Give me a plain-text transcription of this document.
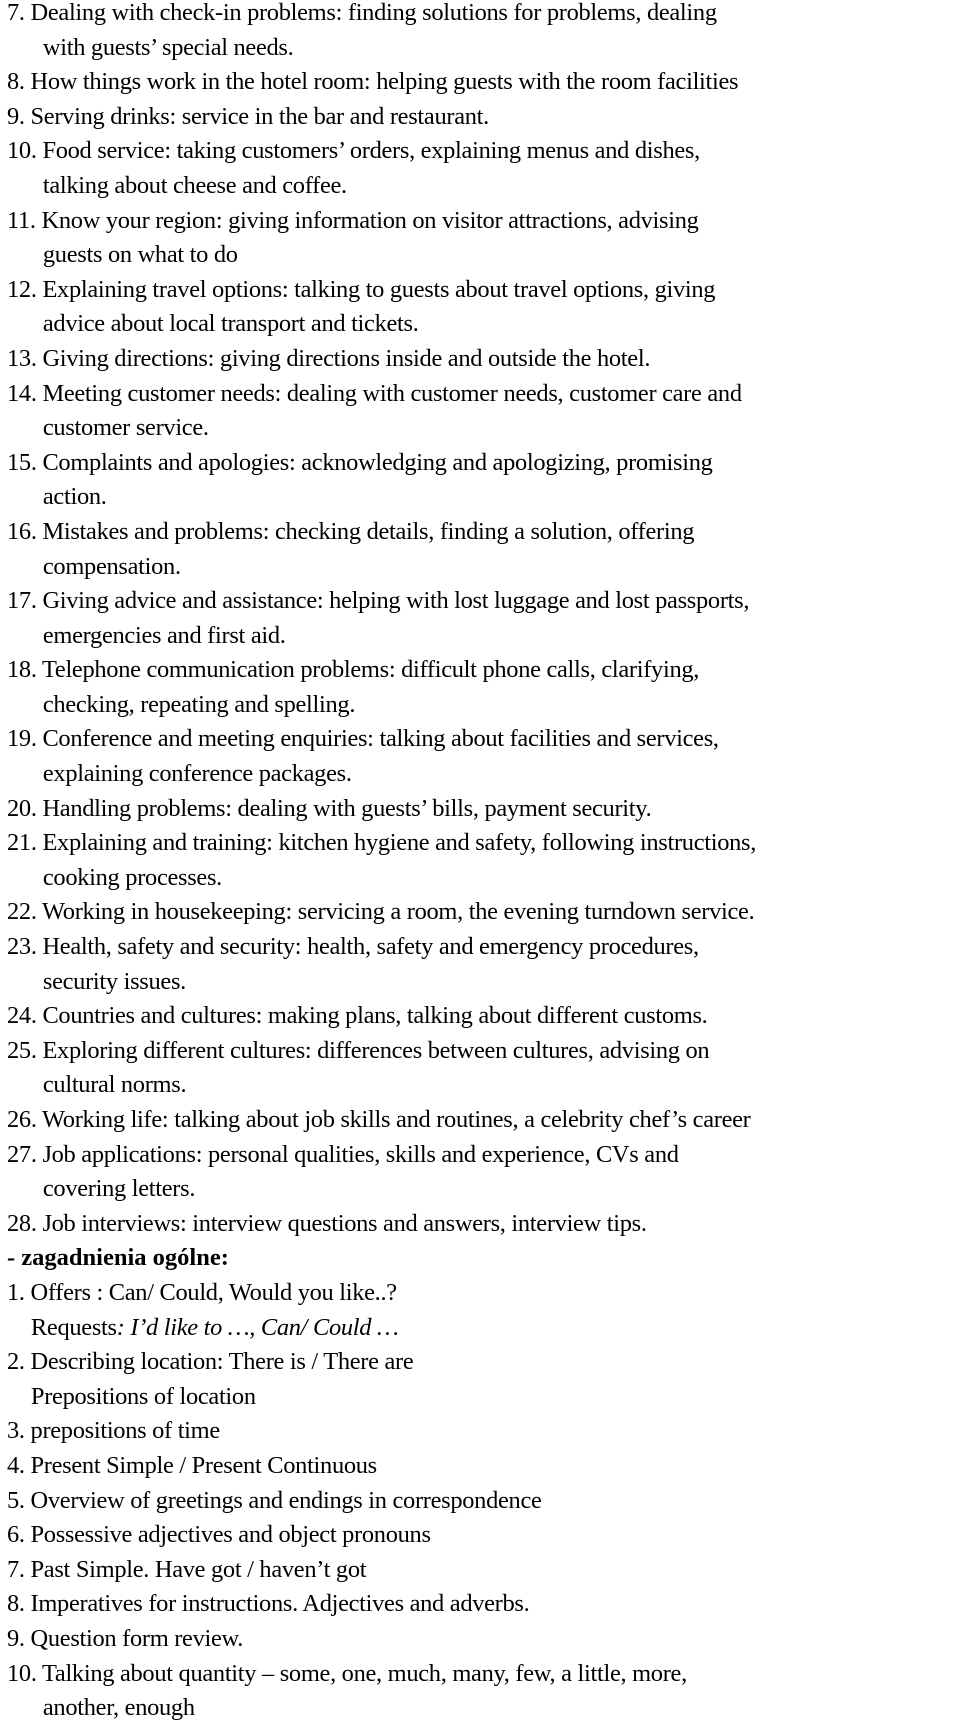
7. Dealing with check-in problems: finding solutions for problems, dealing
with guests’ special needs.
8. How things work in the hotel room: helping guests with the room facilities
9. Serving drinks: service in the bar and restaurant.
10. Food service: taking customers’ orders, explaining menus and dishes,
talking about cheese and coffee.
11. Know your region: giving information on visitor attractions, advising
guests on what to do
12. Explaining travel options: talking to guests about travel options, giving
advice about local transport and tickets.
13. Giving directions: giving directions inside and outside the hotel.
14. Meeting customer needs: dealing with customer needs, customer care and
customer service.
15. Complaints and apologies: acknowledging and apologizing, promising
action.
16. Mistakes and problems: checking details, finding a solution, offering
compensation.
17. Giving advice and assistance: helping with lost luggage and lost passports,
emergencies and first aid.
18. Telephone communication problems: difficult phone calls, clarifying,
checking, repeating and spelling.
19. Conference and meeting enquiries: talking about facilities and services,
explaining conference packages.
20. Handling problems: dealing with guests’ bills, payment security.
21. Explaining and training: kitchen hygiene and safety, following instructions,
cooking processes.
22. Working in housekeeping: servicing a room, the evening turndown service.
23. Health, safety and security: health, safety and emergency procedures,
security issues.
24. Countries and cultures: making plans, talking about different customs.
25. Exploring different cultures: differences between cultures, advising on
cultural norms.
26. Working life: talking about job skills and routines, a celebrity chef’s career
27. Job applications: personal qualities, skills and experience, CVs and
covering letters.
28. Job interviews: interview questions and answers, interview tips.
- zagadnienia ogólne:
1. Offers : Can/ Could, Would you like..?
Requests: I’d like to …, Can/ Could …
2. Describing location: There is / There are
Prepositions of location
3. prepositions of time
4. Present Simple / Present Continuous
5. Overview of greetings and endings in correspondence
6. Possessive adjectives and object pronouns
7. Past Simple. Have got / haven’t got
8. Imperatives for instructions. Adjectives and adverbs.
9. Question form review.
10. Talking about quantity – some, one, much, many, few, a little, more,
another, enough
